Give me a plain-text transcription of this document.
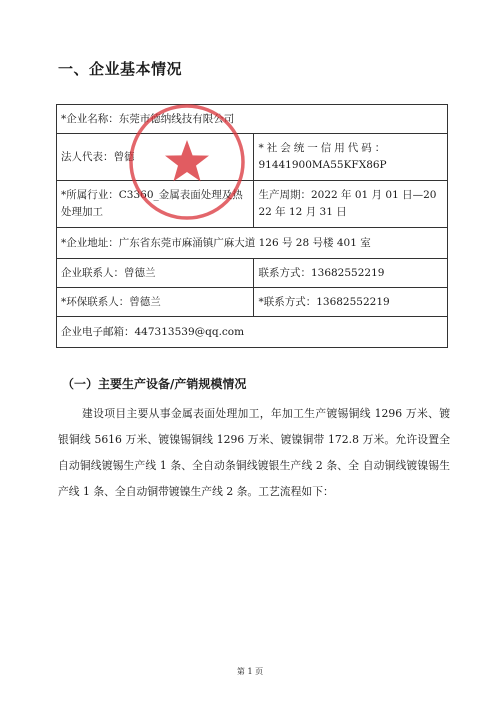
一、企业基本情况
*企业名称：东莞市德纳线技有限公司	
法人代表：曾德	*社会统一信用代码：
91441900MA55KFX86P

*所属行业：C3360_金属表面处理及热处理加工	生产周期：2022 年 01 月 01 日—2022 年 12 月 31 日
*企业地址：广东省东莞市麻涌镇广麻大道 126 号 28 号楼 401 室	
企业联系人：曾德兰	联系方式：13682552219
*环保联系人：曾德兰	*联系方式：13682552219
企业电子邮箱：447313539@qq.com	
（一）主要生产设备/产销规模情况
建设项目主要从事金属表面处理加工，年加工生产镀锡铜线 1296 万米、镀银铜线 5616 万米、镀镍锡铜线 1296 万米、镀镍铜带 172.8 万米。允许设置全自动铜线镀锡生产线 1 条、全自动条铜线镀银生产线 2 条、全 自动铜线镀镍锡生产线 1 条、全自动铜带镀镍生产线 2 条。工艺流程如下：
第 1 页
